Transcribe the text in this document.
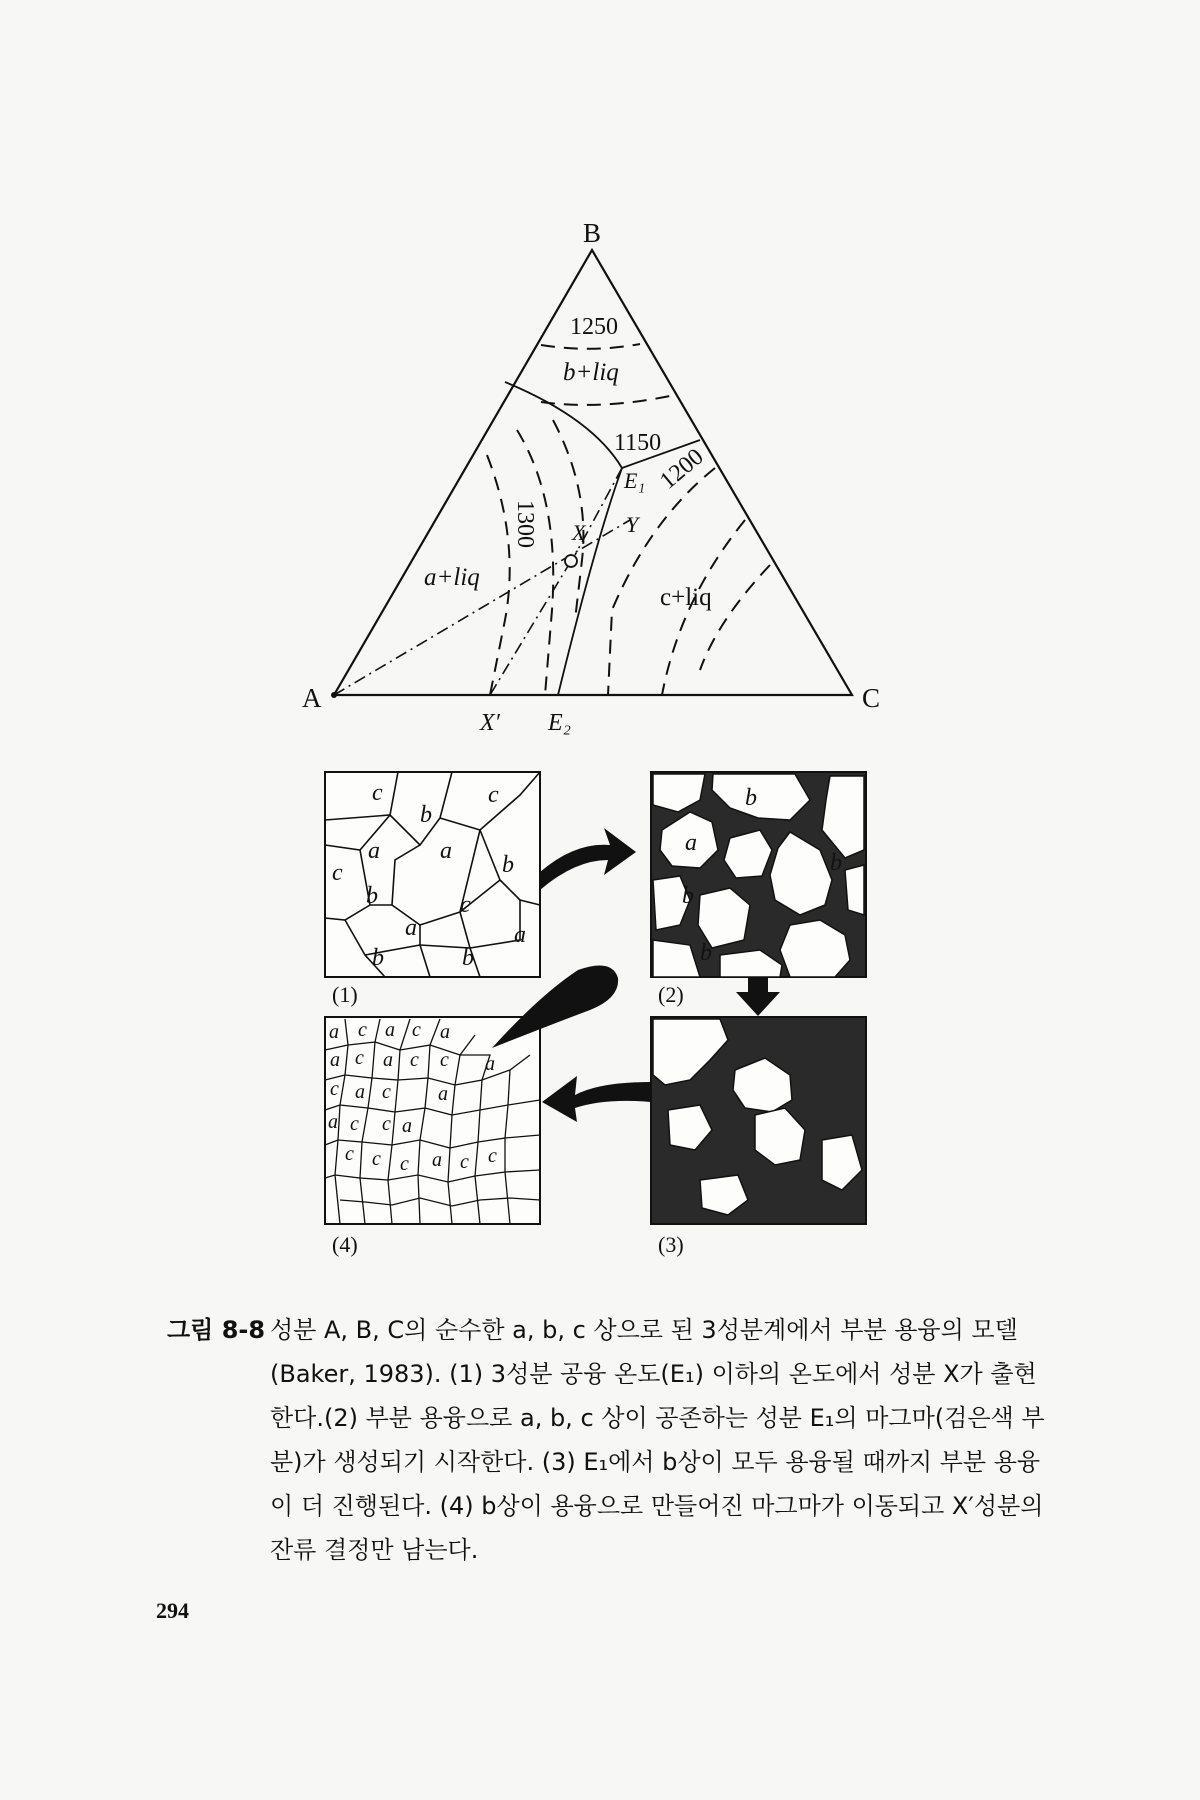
B
A	C
1250
1150
1200
1300
b+liq
a+liq
c+liq
E₁
X Y
X′ E₂
c
b
c
a	a
b
c
b	c
a	a
b	b
(1)
b
a
b
b
b
(2)
(3)
a c a c a
a c a c c a
c a c a
a c c a
c c c a c c
(4)
그림 8-8 성분 A, B, C의 순수한 a, b, c 상으로 된 3성분계에서 부분 용융의 모델 (Baker, 1983). (1) 3성분 공융 온도(E₁) 이하의 온도에서 성분 X가 출현한다.(2) 부분 용융으로 a, b, c 상이 공존하는 성분 E₁의 마그마(검은색 부분)가 생성되기 시작한다. (3) E₁에서 b상이 모두 용융될 때까지 부분 용융이 더 진행된다. (4) b상이 용융으로 만들어진 마그마가 이동되고 X′성분의 잔류 결정만 남는다.
294
